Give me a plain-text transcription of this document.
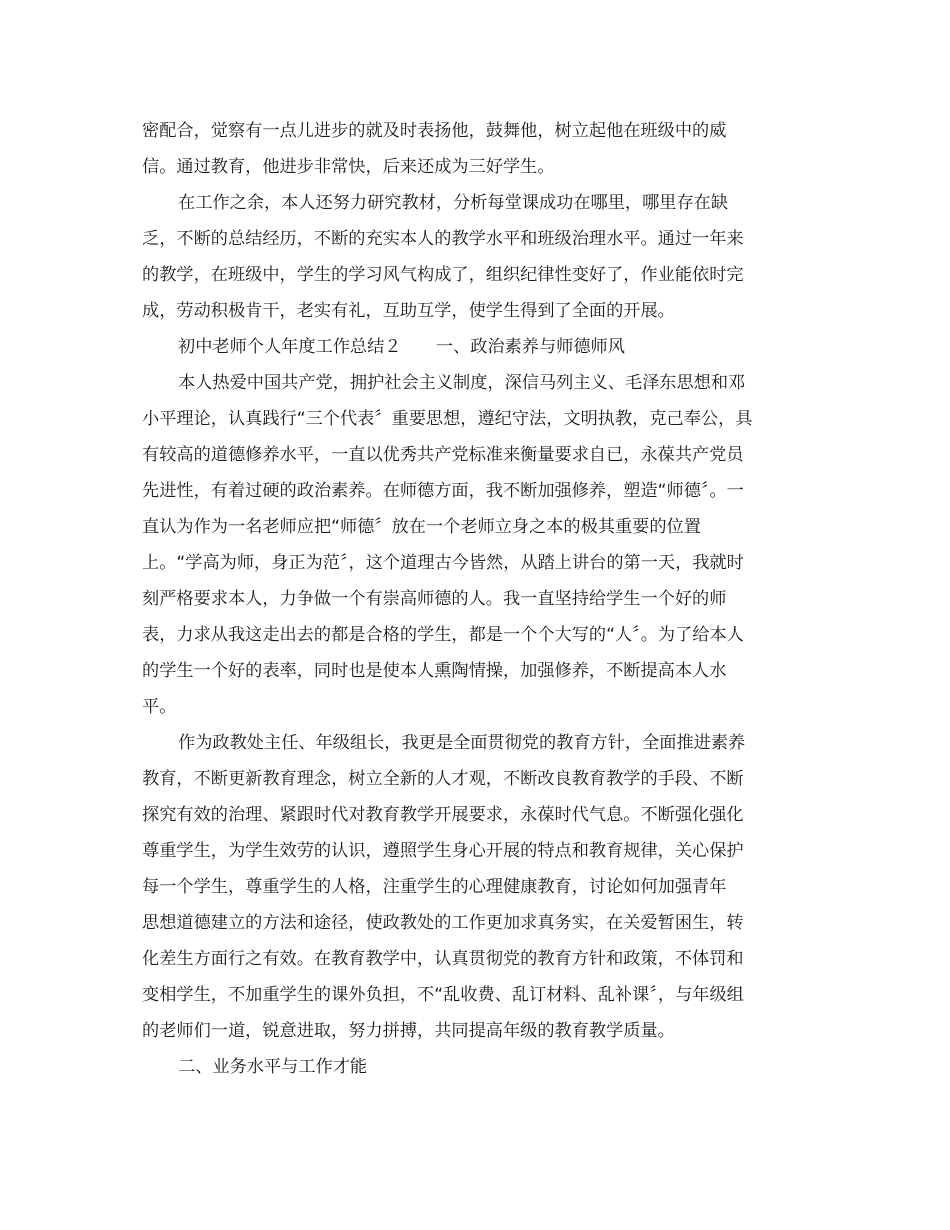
密配合，觉察有一点儿进步的就及时表扬他，鼓舞他，树立起他在班级中的威
信。通过教育，他进步非常快，后来还成为三好学生。
在工作之余，本人还努力研究教材，分析每堂课成功在哪里，哪里存在缺
乏，不断的总结经历，不断的充实本人的教学水平和班级治理水平。通过一年来
的教学，在班级中，学生的学习风气构成了，组织纪律性变好了，作业能依时完
成，劳动积极肯干，老实有礼，互助互学，使学生得到了全面的开展。
初中老师个人年度工作总结２　　一、政治素养与师德师风
本人热爱中国共产党，拥护社会主义制度，深信马列主义、毛泽东思想和邓
小平理论，认真践行“三个代表〞重要思想，遵纪守法，文明执教，克己奉公，具
有较高的道德修养水平，一直以优秀共产党标准来衡量要求自已，永葆共产党员
先进性，有着过硬的政治素养。在师德方面，我不断加强修养，塑造“师德〞。一
直认为作为一名老师应把“师德〞放在一个老师立身之本的极其重要的位置
上。“学高为师，身正为范〞，这个道理古今皆然，从踏上讲台的第一天，我就时
刻严格要求本人，力争做一个有崇高师德的人。我一直坚持给学生一个好的师
表，力求从我这走出去的都是合格的学生，都是一个个大写的“人〞。为了给本人
的学生一个好的表率，同时也是使本人熏陶情操，加强修养，不断提高本人水
平。
作为政教处主任、年级组长，我更是全面贯彻党的教育方针，全面推进素养
教育，不断更新教育理念，树立全新的人才观，不断改良教育教学的手段、不断
探究有效的治理、紧跟时代对教育教学开展要求，永葆时代气息。不断强化强化
尊重学生，为学生效劳的认识，遵照学生身心开展的特点和教育规律，关心保护
每一个学生，尊重学生的人格，注重学生的心理健康教育，讨论如何加强青年
思想道德建立的方法和途径，使政教处的工作更加求真务实，在关爱暂困生，转
化差生方面行之有效。在教育教学中，认真贯彻党的教育方针和政策，不体罚和
变相学生，不加重学生的课外负担，不“乱收费、乱订材料、乱补课〞，与年级组
的老师们一道，锐意进取，努力拼搏，共同提高年级的教育教学质量。
二、业务水平与工作才能
